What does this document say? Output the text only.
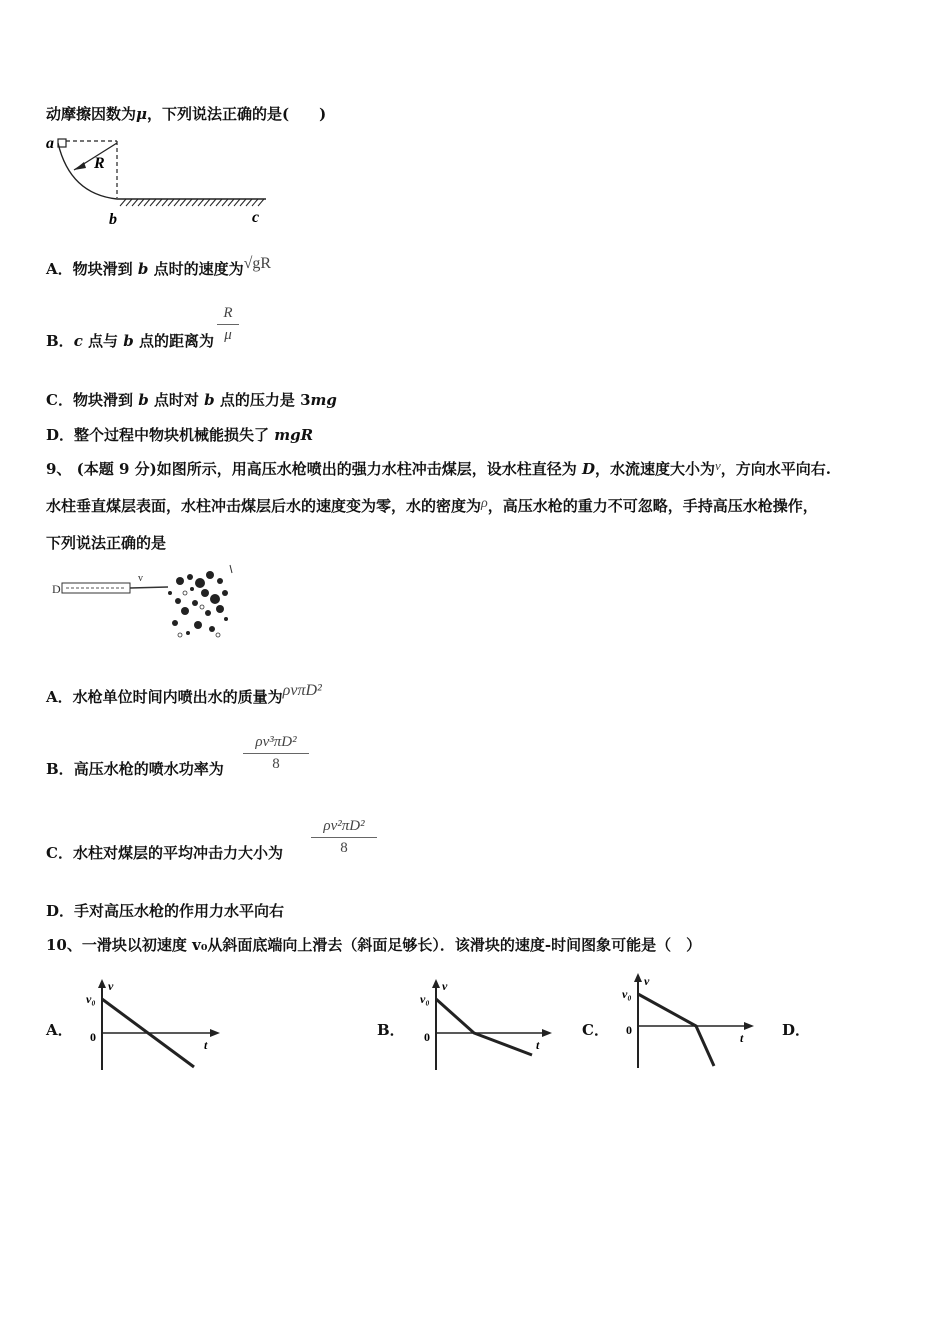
动摩擦因数为μ，下列说法正确的是(　　)
a
R
b	c
A．物块滑到 b 点时的速度为√gR
B．c 点与 b 点的距离为
R
μ
C．物块滑到 b 点时对 b 点的压力是 3mg
D．整个过程中物块机械能损失了 mgR
9、 (本题 9 分)如图所示，用高压水枪喷出的强力水柱冲击煤层，设水柱直径为 D，水流速度大小为v，方向水平向右.
水柱垂直煤层表面，水柱冲击煤层后水的速度变为零，水的密度为ρ，高压水枪的重力不可忽略，手持高压水枪操作，
下列说法正确的是
D
v
A．水枪单位时间内喷出水的质量为ρvπD²
B．高压水枪的喷水功率为
ρv³πD²
8
C．水柱对煤层的平均冲击力大小为
ρv²πD²
8
D．手对高压水枪的作用力水平向右
10、一滑块以初速度 v₀从斜面底端向上滑去（斜面足够长）．该滑块的速度-时间图象可能是（　）
A．
v
v₀
0
t
B．
v
v₀
0
t
C．
v
v₀
0
t	D．
